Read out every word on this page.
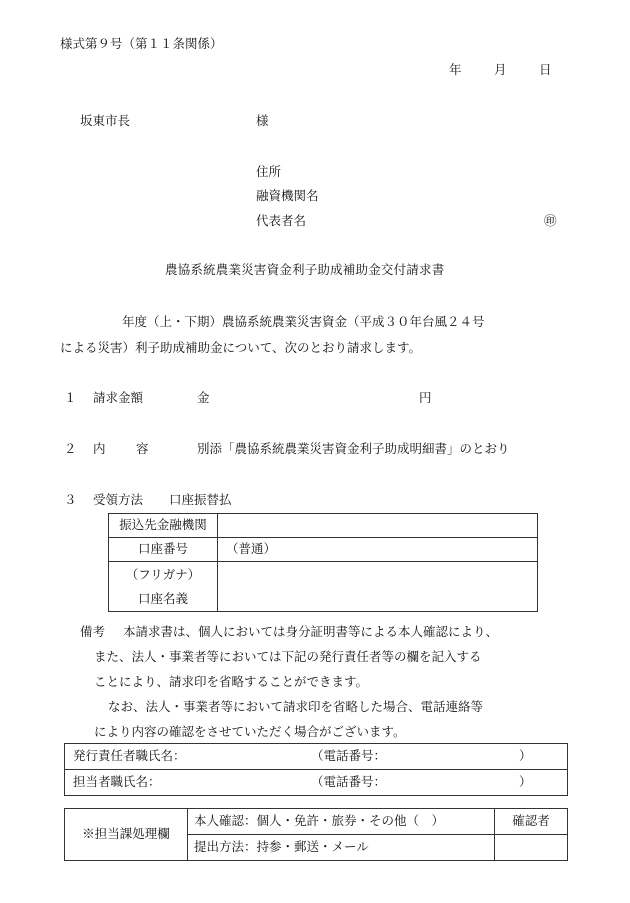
様式第９号（第１１条関係）
年	月	日
坂東市長	様
住所
融資機関名
代表者名	㊞
農協系統農業災害資金利子助成補助金交付請求書
年度（上・下期）農協系統農業災害資金（平成３０年台風２４号
による災害）利子助成補助金について、次のとおり請求します。
１ 請求金額	金	円
２ 内 容	別添「農協系統農業災害資金利子助成明細書」のとおり
３ 受領方法 口座振替払
振込先金融機関	
口座番号	（普通）

（フリガナ）
口座名義	

備考 本請求書は、個人においては身分証明書等による本人確認により、
また、法人・事業者等においては下記の発行責任者等の欄を記入する
ことにより、請求印を省略することができます。
なお、法人・事業者等において請求印を省略した場合、電話連絡等
により内容の確認をさせていただく場合がございます。
発行責任者職氏名：	（電話番号：	）
担当者職氏名：	（電話番号：	）
※担当課処理欄	本人確認：個人・免許・旅券・その他（　）	確認者
	提出方法：持参・郵送・メール	
